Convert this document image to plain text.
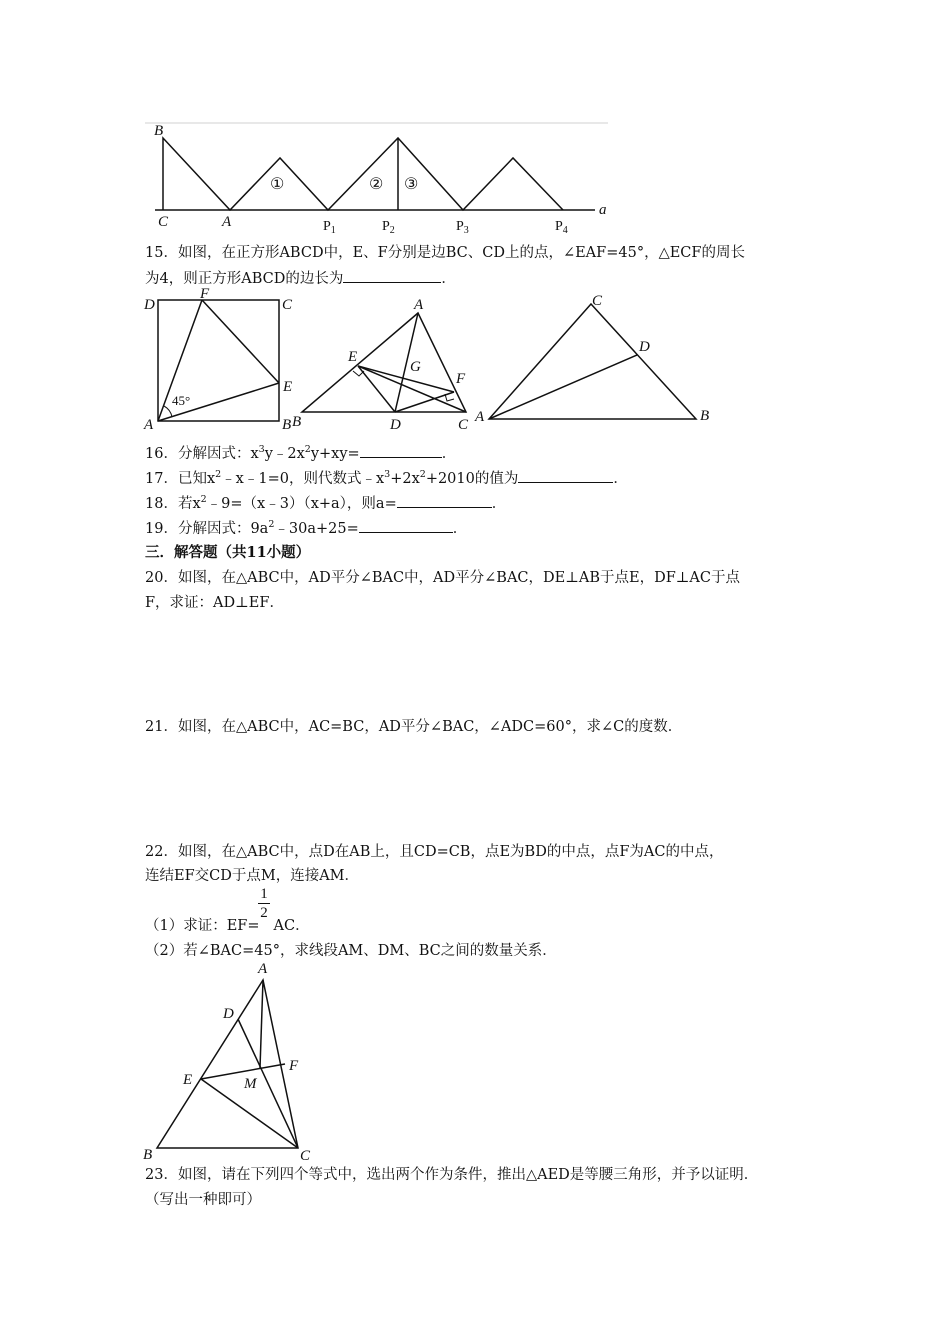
B
C	A	$P_1$	$P_2$	$P_3$	$P_4$
a
①	② ③
15．如图，在正方形ABCD中，E、F分别是边BC、CD上的点，∠EAF=45°，△ECF的周长
为4，则正方形ABCD的边长为	．
D
F
C
A	B
E
45°
A
E
G
F
B	D	C
C
D
A	B
16．分解因式：$x^3y﹣2x^2y+xy=$	．
17．已知$x^2﹣x﹣1=0$，则代数式$﹣x^3+2x^2+2010$的值为	．
18．若$x^2﹣9=(x﹣3)(x+a)$，则a=	．
19．分解因式：$9a^2﹣30a+25=$	．
三．解答题（共11小题）
20．如图，在△ABC中，AD平分∠BAC中，AD平分∠BAC，DE⊥AB于点E，DF⊥AC于点
F，求证：AD⊥EF．
21．如图，在△ABC中，AC=BC，AD平分∠BAC，∠ADC=60°，求∠C的度数．
22．如图，在△ABC中，点D在AB上，且CD=CB，点E为BD的中点，点F为AC的中点，
连结EF交CD于点M，连接AM．
1
2
（1）求证：EF= AC．
（2）若∠BAC=45°，求线段AM、DM、BC之间的数量关系．
A
D
F
E	M
B	C
23．如图，请在下列四个等式中，选出两个作为条件，推出△AED是等腰三角形，并予以证明．
（写出一种即可）
